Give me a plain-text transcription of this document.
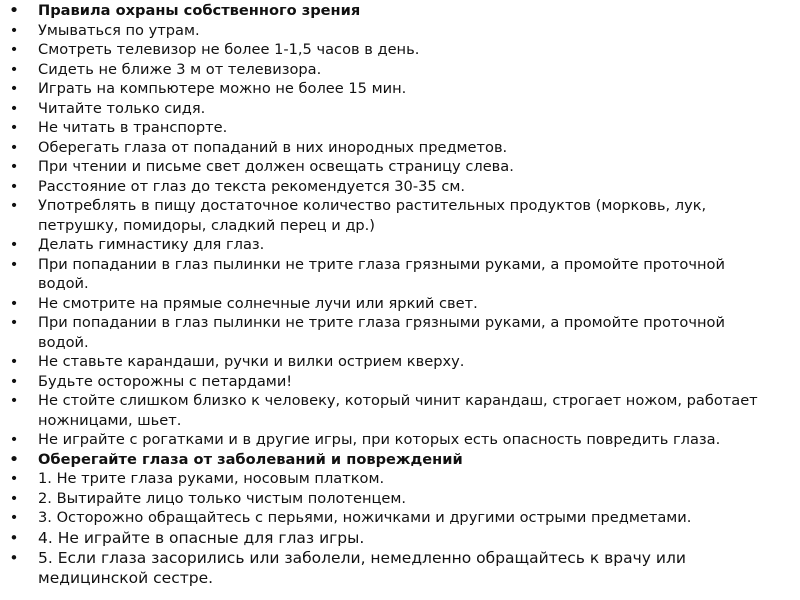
• Правила охраны собственного зрения
• Умываться по утрам.
• Смотреть телевизор не более 1-1,5 часов в день.
• Сидеть не ближе 3 м от телевизора.
• Играть на компьютере можно не более 15 мин.
• Читайте только сидя.
• Не читать в транспорте.
• Оберегать глаза от попаданий в них инородных предметов.
• При чтении и письме свет должен освещать страницу слева.
• Расстояние от глаз до текста рекомендуется 30-35 см.
• Употреблять в пищу достаточное количество растительных продуктов (морковь, лук, петрушку, помидоры, сладкий перец и др.)
• Делать гимнастику для глаз.
• При попадании в глаз пылинки не трите глаза грязными руками, а промойте проточной водой.
• Не смотрите на прямые солнечные лучи или яркий свет.
• При попадании в глаз пылинки не трите глаза грязными руками, а промойте проточной водой.
• Не ставьте карандаши, ручки и вилки острием кверху.
• Будьте осторожны с петардами!
• Не стойте слишком близко к человеку, который чинит карандаш, строгает ножом, работает ножницами, шьет.
• Не играйте с рогатками и в другие игры, при которых есть опасность повредить глаза.
• Оберегайте глаза от заболеваний и повреждений
• 1. Не трите глаза руками, носовым платком.
• 2. Вытирайте лицо только чистым полотенцем.
• 3. Осторожно обращайтесь с перьями, ножичками и другими острыми предметами.
• 4. Не играйте в опасные для глаз игры.
• 5. Если глаза засорились или заболели, немедленно обращайтесь к врачу или медицинской сестре.
